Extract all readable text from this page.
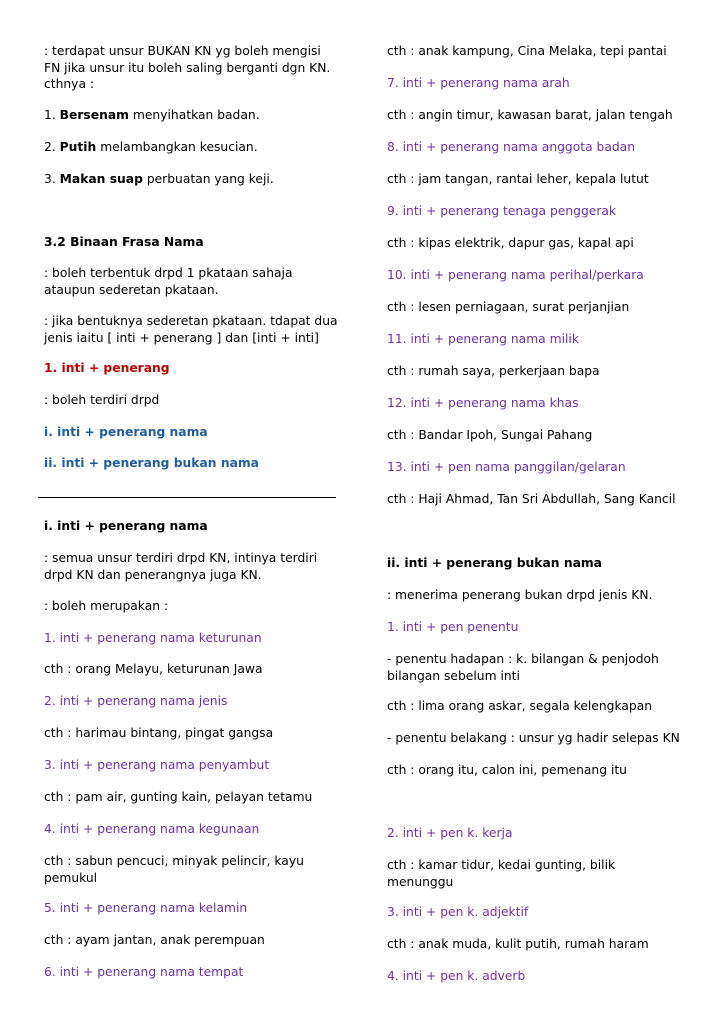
: terdapat unsur BUKAN KN yg boleh mengisi
FN jika unsur itu boleh saling berganti dgn KN.
cthnya :

1. Bersenam menyihatkan badan.

2. Putih melambangkan kesucian.

3. Makan suap perbuatan yang keji.

3.2 Binaan Frasa Nama

: boleh terbentuk drpd 1 pkataan sahaja
ataupun sederetan pkataan.

: jika bentuknya sederetan pkataan. tdapat dua
jenis iaitu [ inti + penerang ] dan [inti + inti]

1. inti + penerang

: boleh terdiri drpd

i. inti + penerang nama

ii. inti + penerang bukan nama

i. inti + penerang nama

: semua unsur terdiri drpd KN, intinya terdiri
drpd KN dan penerangnya juga KN.

: boleh merupakan :

1. inti + penerang nama keturunan

cth : orang Melayu, keturunan Jawa

2. inti + penerang nama jenis

cth : harimau bintang, pingat gangsa

3. inti + penerang nama penyambut

cth : pam air, gunting kain, pelayan tetamu

4. inti + penerang nama kegunaan

cth : sabun pencuci, minyak pelincir, kayu
pemukul

5. inti + penerang nama kelamin

cth : ayam jantan, anak perempuan

6. inti + penerang nama tempat

cth : anak kampung, Cina Melaka, tepi pantai

7. inti + penerang nama arah

cth : angin timur, kawasan barat, jalan tengah

8. inti + penerang nama anggota badan

cth : jam tangan, rantai leher, kepala lutut

9. inti + penerang tenaga penggerak

cth : kipas elektrik, dapur gas, kapal api

10. inti + penerang nama perihal/perkara

cth : lesen perniagaan, surat perjanjian

11. inti + penerang nama milik

cth : rumah saya, perkerjaan bapa

12. inti + penerang nama khas

cth : Bandar Ipoh, Sungai Pahang

13. inti + pen nama panggilan/gelaran

cth : Haji Ahmad, Tan Sri Abdullah, Sang Kancil

ii. inti + penerang bukan nama

: menerima penerang bukan drpd jenis KN.

1. inti + pen penentu

- penentu hadapan : k. bilangan & penjodoh
bilangan sebelum inti

cth : lima orang askar, segala kelengkapan

- penentu belakang : unsur yg hadir selepas KN

cth : orang itu, calon ini, pemenang itu

2. inti + pen k. kerja

cth : kamar tidur, kedai gunting, bilik
menunggu

3. inti + pen k. adjektif

cth : anak muda, kulit putih, rumah haram

4. inti + pen k. adverb
